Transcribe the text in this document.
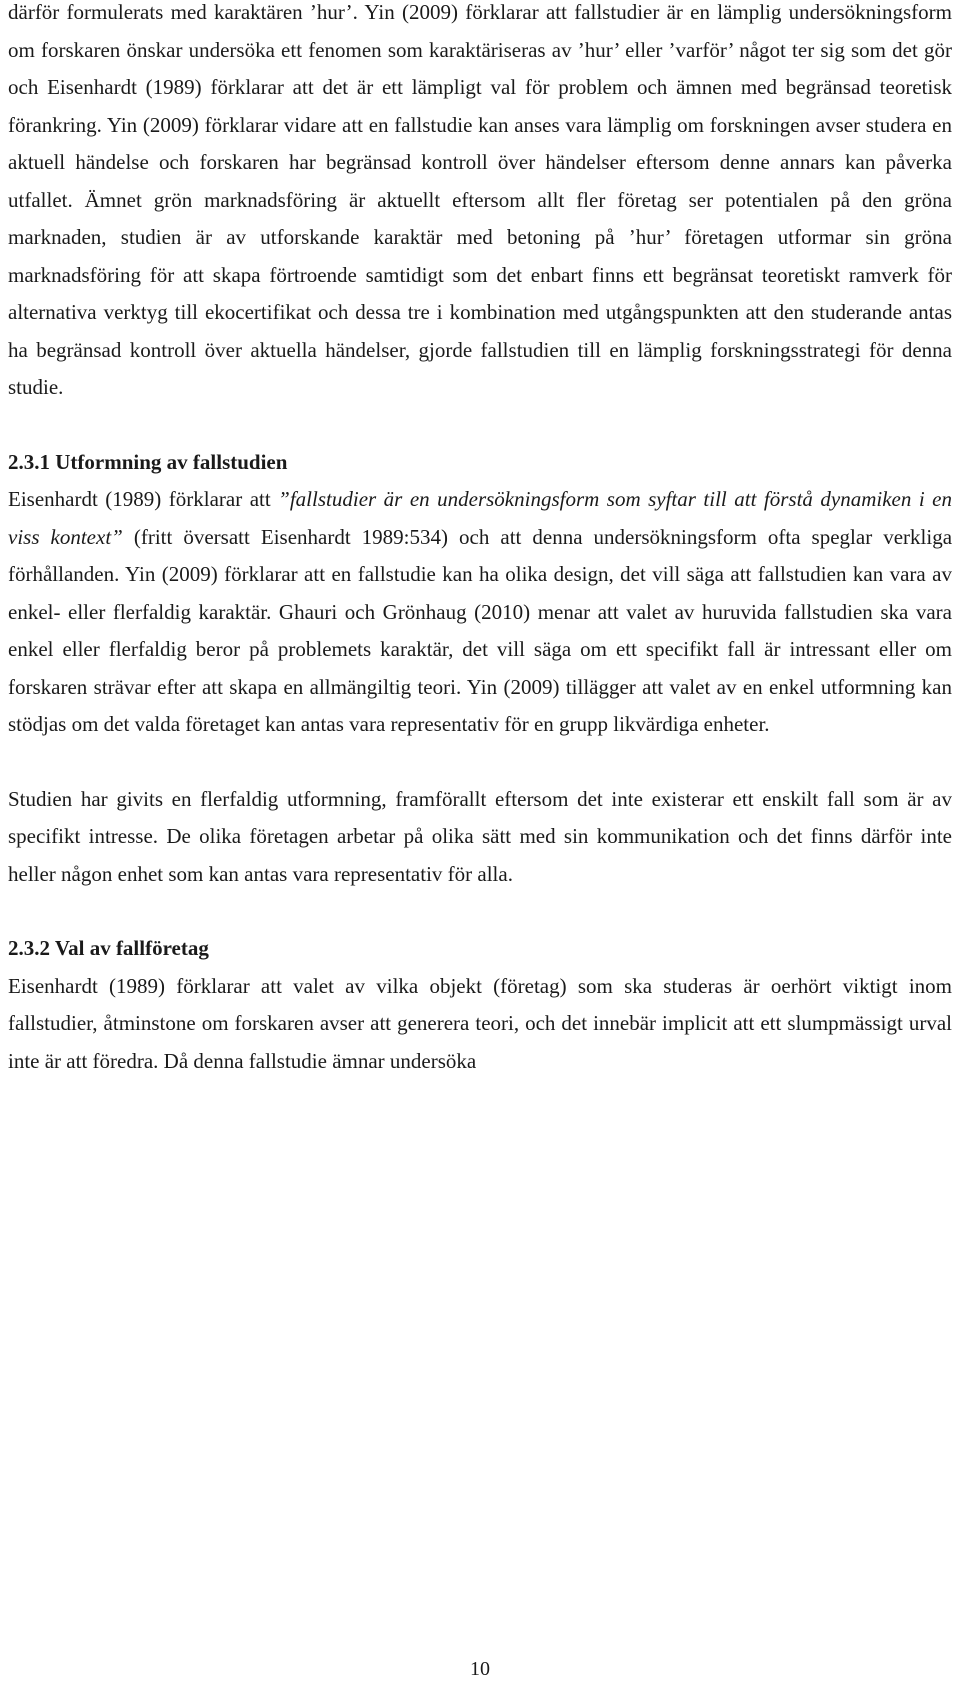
därför formulerats med karaktären ’hur’. Yin (2009) förklarar att fallstudier är en lämplig undersökningsform om forskaren önskar undersöka ett fenomen som karaktäriseras av ’hur’ eller ’varför’ något ter sig som det gör och Eisenhardt (1989) förklarar att det är ett lämpligt val för problem och ämnen med begränsad teoretisk förankring. Yin (2009) förklarar vidare att en fallstudie kan anses vara lämplig om forskningen avser studera en aktuell händelse och forskaren har begränsad kontroll över händelser eftersom denne annars kan påverka utfallet. Ämnet grön marknadsföring är aktuellt eftersom allt fler företag ser potentialen på den gröna marknaden, studien är av utforskande karaktär med betoning på ’hur’ företagen utformar sin gröna marknadsföring för att skapa förtroende samtidigt som det enbart finns ett begränsat teoretiskt ramverk för alternativa verktyg till ekocertifikat och dessa tre i kombination med utgångspunkten att den studerande antas ha begränsad kontroll över aktuella händelser, gjorde fallstudien till en lämplig forskningsstrategi för denna studie.

2.3.1 Utformning av fallstudien

Eisenhardt (1989) förklarar att ”fallstudier är en undersökningsform som syftar till att förstå dynamiken i en viss kontext” (fritt översatt Eisenhardt 1989:534) och att denna undersökningsform ofta speglar verkliga förhållanden. Yin (2009) förklarar att en fallstudie kan ha olika design, det vill säga att fallstudien kan vara av enkel- eller flerfaldig karaktär. Ghauri och Grönhaug (2010) menar att valet av huruvida fallstudien ska vara enkel eller flerfaldig beror på problemets karaktär, det vill säga om ett specifikt fall är intressant eller om forskaren strävar efter att skapa en allmängiltig teori. Yin (2009) tillägger att valet av en enkel utformning kan stödjas om det valda företaget kan antas vara representativ för en grupp likvärdiga enheter.

Studien har givits en flerfaldig utformning, framförallt eftersom det inte existerar ett enskilt fall som är av specifikt intresse. De olika företagen arbetar på olika sätt med sin kommunikation och det finns därför inte heller någon enhet som kan antas vara representativ för alla.

2.3.2 Val av fallföretag

Eisenhardt (1989) förklarar att valet av vilka objekt (företag) som ska studeras är oerhört viktigt inom fallstudier, åtminstone om forskaren avser att generera teori, och det innebär implicit att ett slumpmässigt urval inte är att föredra. Då denna fallstudie ämnar undersöka

10
